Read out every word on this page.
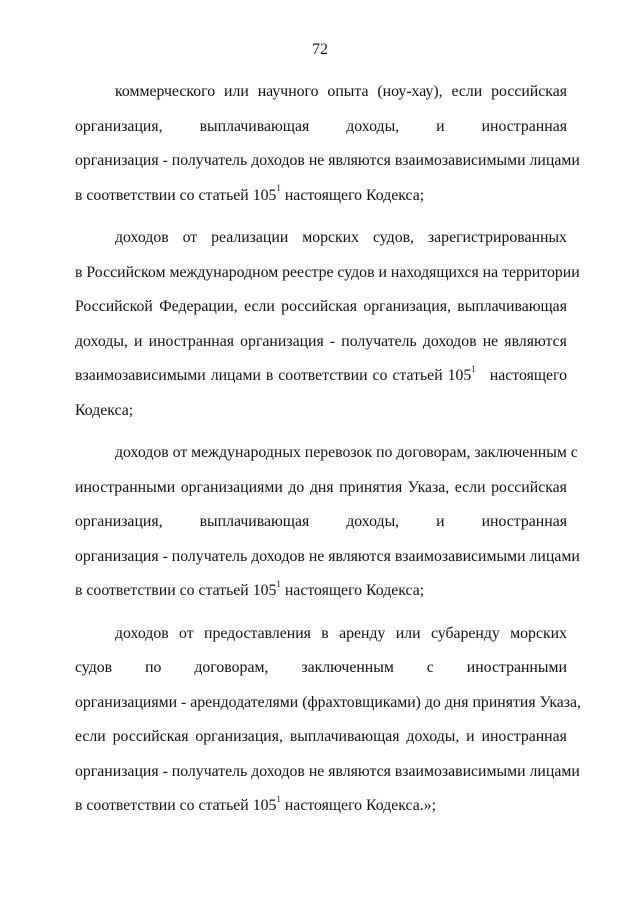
72
коммерческого или научного опыта (ноу-хау), если российская
организация, выплачивающая доходы, и иностранная
организация - получатель доходов не являются взаимозависимыми лицами
в соответствии со статьей $105^1$ настоящего Кодекса;
доходов от реализации морских судов, зарегистрированных
в Российском международном реестре судов и находящихся на территории
Российской Федерации, если российская организация, выплачивающая
доходы, и иностранная организация - получатель доходов не являются
взаимозависимыми лицами в соответствии со статьей $105^1$ настоящего
Кодекса;
доходов от международных перевозок по договорам, заключенным с
иностранными организациями до дня принятия Указа, если российская
организация, выплачивающая доходы, и иностранная
организация - получатель доходов не являются взаимозависимыми лицами
в соответствии со статьей $105^1$ настоящего Кодекса;
доходов от предоставления в аренду или субаренду морских
судов по договорам, заключенным с иностранными
организациями - арендодателями (фрахтовщиками) до дня принятия Указа,
если российская организация, выплачивающая доходы, и иностранная
организация - получатель доходов не являются взаимозависимыми лицами
в соответствии со статьей $105^1$ настоящего Кодекса.»;
